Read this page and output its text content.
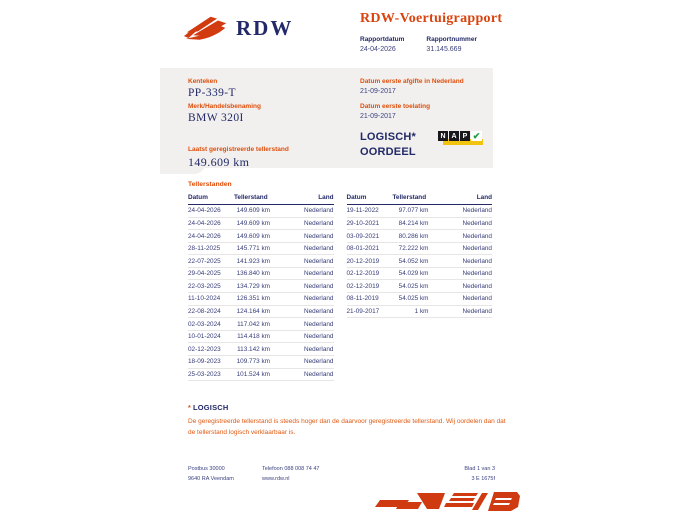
RDW	RDW-Voertuigrapport
Rapportdatum
24-04-2026
Rapportnummer
31.145.669
Kenteken
PP-339-T
Merk/Handelsbenaming
BMW 320I
Laatst geregistreerde tellerstand
149.609 km
Datum eerste afgifte in Nederland
21-09-2017
Datum eerste toelating
21-09-2017
LOGISCH*
OORDEEL
N A P ✔
Tellerstanden
Datum	Tellerstand	Land
24-04-2026	149.609 km	Nederland
24-04-2026	149.609 km	Nederland
24-04-2026	149.609 km	Nederland
28-11-2025	145.771 km	Nederland
22-07-2025	141.923 km	Nederland
29-04-2025	136.840 km	Nederland
22-03-2025	134.729 km	Nederland
11-10-2024	126.351 km	Nederland
22-08-2024	124.164 km	Nederland
02-03-2024	117.042 km	Nederland
10-01-2024	114.418 km	Nederland
02-12-2023	113.142 km	Nederland
18-09-2023	109.773 km	Nederland
25-03-2023	101.524 km	Nederland
Datum	Tellerstand	Land
19-11-2022	97.077 km	Nederland
29-10-2021	84.214 km	Nederland
03-09-2021	80.286 km	Nederland
08-01-2021	72.222 km	Nederland
20-12-2019	54.052 km	Nederland
02-12-2019	54.029 km	Nederland
02-12-2019	54.025 km	Nederland
08-11-2019	54.025 km	Nederland
21-09-2017	1 km	Nederland
* LOGISCH
De geregistreerde tellerstand is steeds hoger dan de daarvoor geregistreerde tellerstand. Wij oordelen dan dat de tellerstand logisch verklaarbaar is.
Postbus 30000
9640 RA Veendam
Telefoon 088 008 74 47
www.rdw.nl
Blad 1 van 3
3 E 1675f
